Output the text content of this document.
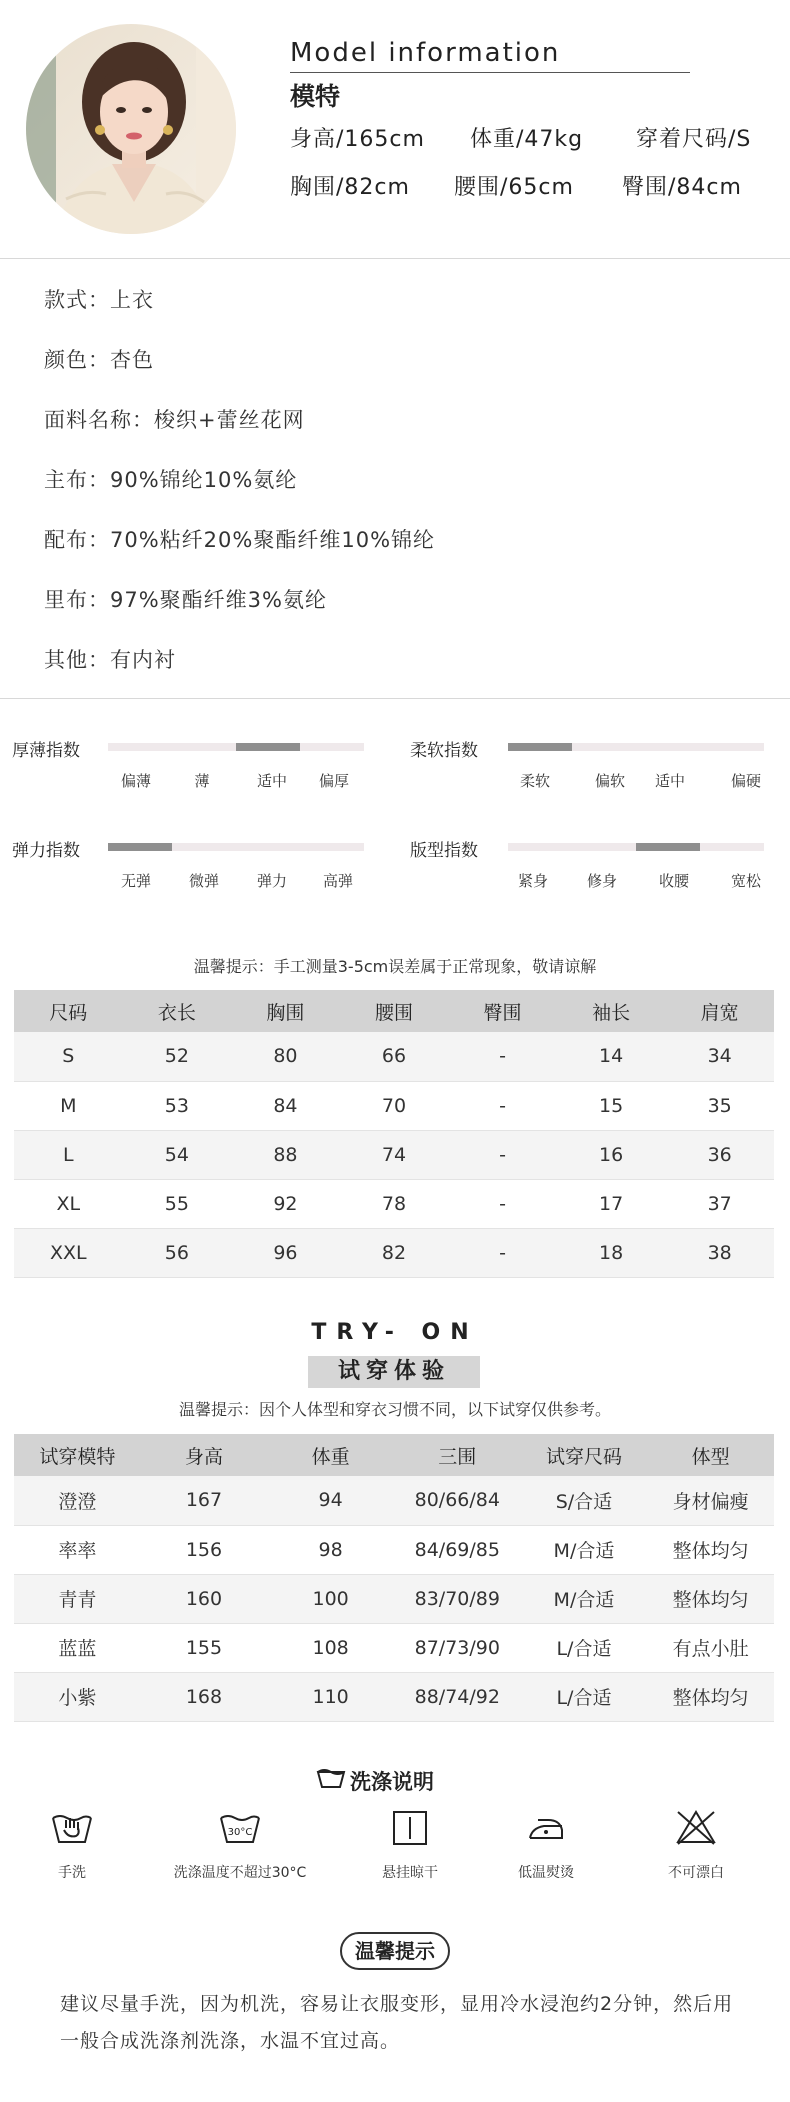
Model information
模特
身高/165cm 体重/47kg 穿着尺码/S
胸围/82cm 腰围/65cm 臀围/84cm
款式：上衣
颜色：杏色
面料名称：梭织+蕾丝花网
主布：90%锦纶10%氨纶
配布：70%粘纤20%聚酯纤维10%锦纶
里布：97%聚酯纤维3%氨纶
其他：有内衬
厚薄指数
偏薄	薄	适中	偏厚
柔软指数
柔软	偏软	适中	偏硬
弹力指数
无弹	微弹	弹力	高弹
版型指数
紧身	修身	收腰	宽松
温馨提示：手工测量3-5cm误差属于正常现象，敬请谅解
尺码	衣长	胸围	腰围	臀围	袖长	肩宽
S	52	80	66	-	14	34
M	53	84	70	-	15	35
L	54	88	74	-	16	36
XL	55	92	78	-	17	37
XXL	56	96	82	-	18	38
TRY- ON
试穿体验
温馨提示：因个人体型和穿衣习惯不同，以下试穿仅供参考。
试穿模特	身高	体重	三围	试穿尺码	体型
澄澄	167	94	80/66/84	S/合适	身材偏瘦
率率	156	98	84/69/85	M/合适	整体均匀
青青	160	100	83/70/89	M/合适	整体均匀
蓝蓝	155	108	87/73/90	L/合适	有点小肚
小紫	168	110	88/74/92	L/合适	整体均匀
洗涤说明
手洗
30°C
洗涤温度不超过30°C	悬挂晾干	低温熨烫	不可漂白
温馨提示
建议尽量手洗，因为机洗，容易让衣服变形，显用冷水浸泡约2分钟，然后用一般合成洗涤剂洗涤，水温不宜过高。
